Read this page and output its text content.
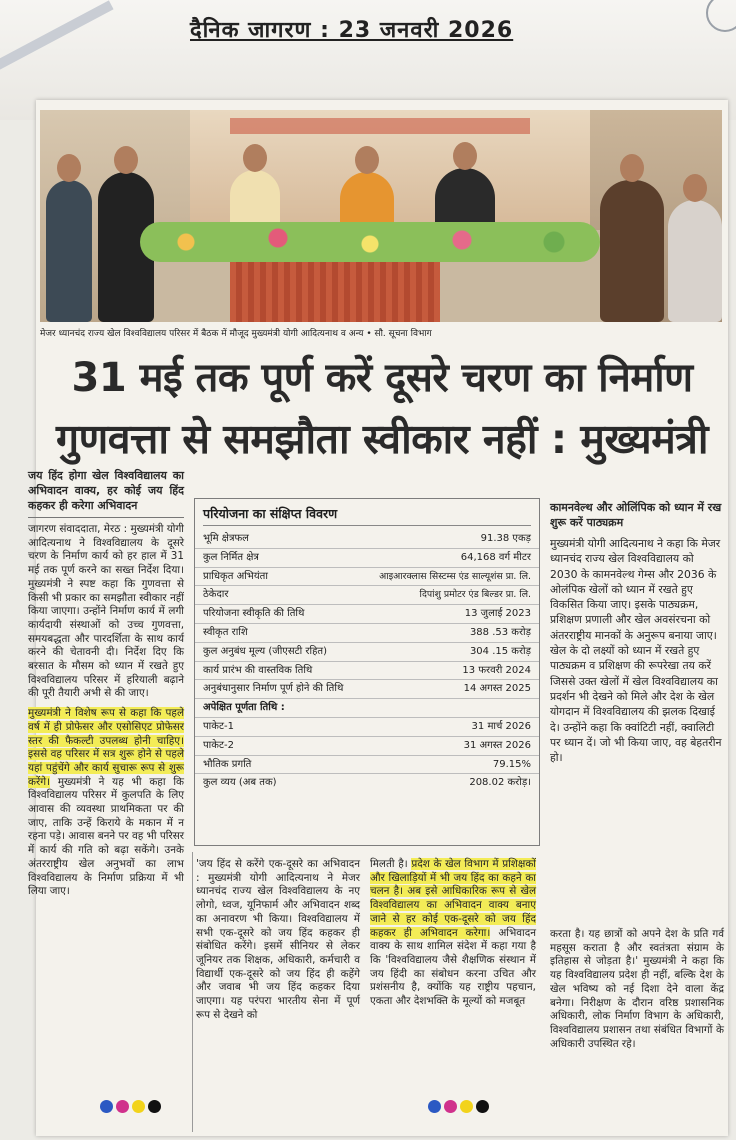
दैनिक जागरण : 23 जनवरी 2026
मेजर ध्यानचंद राज्य खेल विश्वविद्यालय परिसर में बैठक में मौजूद मुख्यमंत्री योगी आदित्यनाथ व अन्य • सौ. सूचना विभाग
31 मई तक पूर्ण करें दूसरे चरण का निर्माण
गुणवत्ता से समझौता स्वीकार नहीं : मुख्यमंत्री

जय हिंद होगा खेल विश्वविद्यालय का अभिवादन वाक्य, हर कोई जय हिंद कहकर ही करेगा अभिवादन

जागरण संवाददाता, मेरठ : मुख्यमंत्री योगी आदित्यनाथ ने विश्वविद्यालय के दूसरे चरण के निर्माण कार्य को हर हाल में 31 मई तक पूर्ण करने का सख्त निर्देश दिया। मुख्यमंत्री ने स्पष्ट कहा कि गुणवत्ता से किसी भी प्रकार का समझौता स्वीकार नहीं किया जाएगा। उन्होंने निर्माण कार्य में लगी कार्यदायी संस्थाओं को उच्च गुणवत्ता, समयबद्धता और पारदर्शिता के साथ कार्य करने की चेतावनी दी। निर्देश दिए कि बरसात के मौसम को ध्यान में रखते हुए विश्वविद्यालय परिसर में हरियाली बढ़ाने की पूरी तैयारी अभी से की जाए।

मुख्यमंत्री ने विशेष रूप से कहा कि पहले वर्ष में ही प्रोफेसर और एसोसिएट प्रोफेसर स्तर की फैकल्टी उपलब्ध होनी चाहिए। इससे वह परिसर में सत्र शुरू होने से पहले यहां पहुंचेंगे और कार्य सुचारू रूप से शुरू करेंगे। मुख्यमंत्री ने यह भी कहा कि विश्वविद्यालय परिसर में कुलपति के लिए आवास की व्यवस्था प्राथमिकता पर की जाए, ताकि उन्हें किराये के मकान में न रहना पड़े। आवास बनने पर वह भी परिसर में कार्य की गति को बढ़ा सकेंगे। उनके अंतरराष्ट्रीय खेल अनुभवों का लाभ विश्वविद्यालय के निर्माण प्रक्रिया में भी लिया जाए।

परियोजना का संक्षिप्त विवरण
भूमि क्षेत्रफल	91.38 एकड़
कुल निर्मित क्षेत्र	64,168 वर्ग मीटर
प्राधिकृत अभियंता	आइआरक्लास सिस्टम्स एंड साल्यूशंस प्रा. लि.
ठेकेदार	दिपांशु प्रमोटर एंड बिल्डर प्रा. लि.
परियोजना स्वीकृति की तिथि	13 जुलाई 2023
स्वीकृत राशि	388 .53 करोड़
कुल अनुबंध मूल्य (जीएसटी रहित)	304 .15 करोड़
कार्य प्रारंभ की वास्तविक तिथि	13 फरवरी 2024
अनुबंधानुसार निर्माण पूर्ण होने की तिथि	14 अगस्त 2025
अपेक्षित पूर्णता तिथि :
पाकेट-1	31 मार्च 2026
पाकेट-2	31 अगस्त 2026
भौतिक प्रगति	79.15%
कुल व्यय (अब तक)	208.02 करोड़।

कामनवेल्थ और ओलिंपिक को ध्यान में रख शुरू करें पाठ्यक्रम

मुख्यमंत्री योगी आदित्यनाथ ने कहा कि मेजर ध्यानचंद राज्य खेल विश्वविद्यालय को 2030 के कामनवेल्थ गेम्स और 2036 के ओलंपिक खेलों को ध्यान में रखते हुए विकसित किया जाए। इसके पाठ्यक्रम, प्रशिक्षण प्रणाली और खेल अवसंरचना को अंतरराष्ट्रीय मानकों के अनुरूप बनाया जाए। खेल के दो लक्ष्यों को ध्यान में रखते हुए पाठ्यक्रम व प्रशिक्षण की रूपरेखा तय करें जिससे उक्त खेलों में खेल विश्वविद्यालय का प्रदर्शन भी देखने को मिले और देश के खेल योगदान में विश्वविद्यालय की झलक दिखाई दे। उन्होंने कहा कि क्वांटिटी नहीं, क्वालिटी पर ध्यान दें। जो भी किया जाए, वह बेहतरीन हो।

'जय हिंद से करेंगे एक-दूसरे का अभिवादन : मुख्यमंत्री योगी आदित्यनाथ ने मेजर ध्यानचंद राज्य खेल विश्वविद्यालय के नए लोगो, ध्वज, यूनिफार्म और अभिवादन शब्द का अनावरण भी किया। विश्वविद्यालय में सभी एक-दूसरे को जय हिंद कहकर ही संबोधित करेंगे। इसमें सीनियर से लेकर जूनियर तक शिक्षक, अधिकारी, कर्मचारी व विद्यार्थी एक-दूसरे को जय हिंद ही कहेंगे और जवाब भी जय हिंद कहकर दिया जाएगा। यह परंपरा भारतीय सेना में पूर्ण रूप से देखने को

मिलती है। प्रदेश के खेल विभाग में प्रशिक्षकों और खिलाड़ियों में भी जय हिंद का कहने का चलन है। अब इसे आधिकारिक रूप से खेल विश्वविद्यालय का अभिवादन वाक्य बनाए जाने से हर कोई एक-दूसरे को जय हिंद कहकर ही अभिवादन करेगा। अभिवादन वाक्य के साथ शामिल संदेश में कहा गया है कि 'विश्वविद्यालय जैसे शैक्षणिक संस्थान में जय हिंदी का संबोधन करना उचित और प्रशंसनीय है, क्योंकि यह राष्ट्रीय पहचान, एकता और देशभक्ति के मूल्यों को मजबूत

करता है। यह छात्रों को अपने देश के प्रति गर्व महसूस कराता है और स्वतंत्रता संग्राम के इतिहास से जोड़ता है।' मुख्यमंत्री ने कहा कि यह विश्वविद्यालय प्रदेश ही नहीं, बल्कि देश के खेल भविष्य को नई दिशा देने वाला केंद्र बनेगा। निरीक्षण के दौरान वरिष्ठ प्रशासनिक अधिकारी, लोक निर्माण विभाग के अधिकारी, विश्वविद्यालय प्रशासन तथा संबंधित विभागों के अधिकारी उपस्थित रहे।
